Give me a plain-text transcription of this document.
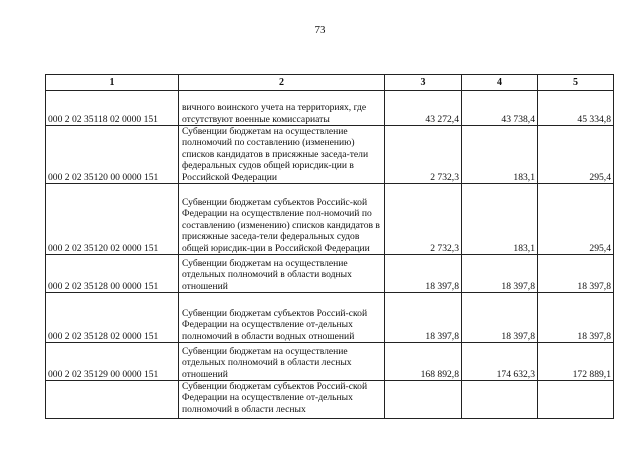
73
1	2	3	4	5
000 2 02 35118 02 0000 151	вичного воинского учета на территориях, где отсутствуют военные комиссариаты	43 272,4	43 738,4	45 334,8
000 2 02 35120 00 0000 151	Субвенции бюджетам на осуществление полномочий по составлению (изменению) списков кандидатов в присяжные заседа-тели федеральных судов общей юрисдик-ции в Российской Федерации	2 732,3	183,1	295,4
000 2 02 35120 02 0000 151	Субвенции бюджетам субъектов Российс-кой Федерации на осуществление пол-номочий по составлению (изменению) списков кандидатов в присяжные заседа-тели федеральных судов общей юрисдик-ции в Российской Федерации	2 732,3	183,1	295,4
000 2 02 35128 00 0000 151	Субвенции бюджетам на осуществление отдельных полномочий в области водных отношений	18 397,8	18 397,8	18 397,8
000 2 02 35128 02 0000 151	Субвенции бюджетам субъектов Россий-ской Федерации на осуществление от-дельных полномочий в области водных отношений	18 397,8	18 397,8	18 397,8
000 2 02 35129 00 0000 151	Субвенции бюджетам на осуществление отдельных полномочий в области лесных отношений	168 892,8	174 632,3	172 889,1
	Субвенции бюджетам субъектов Россий-ской Федерации на осуществление от-дельных полномочий в области лесных			
